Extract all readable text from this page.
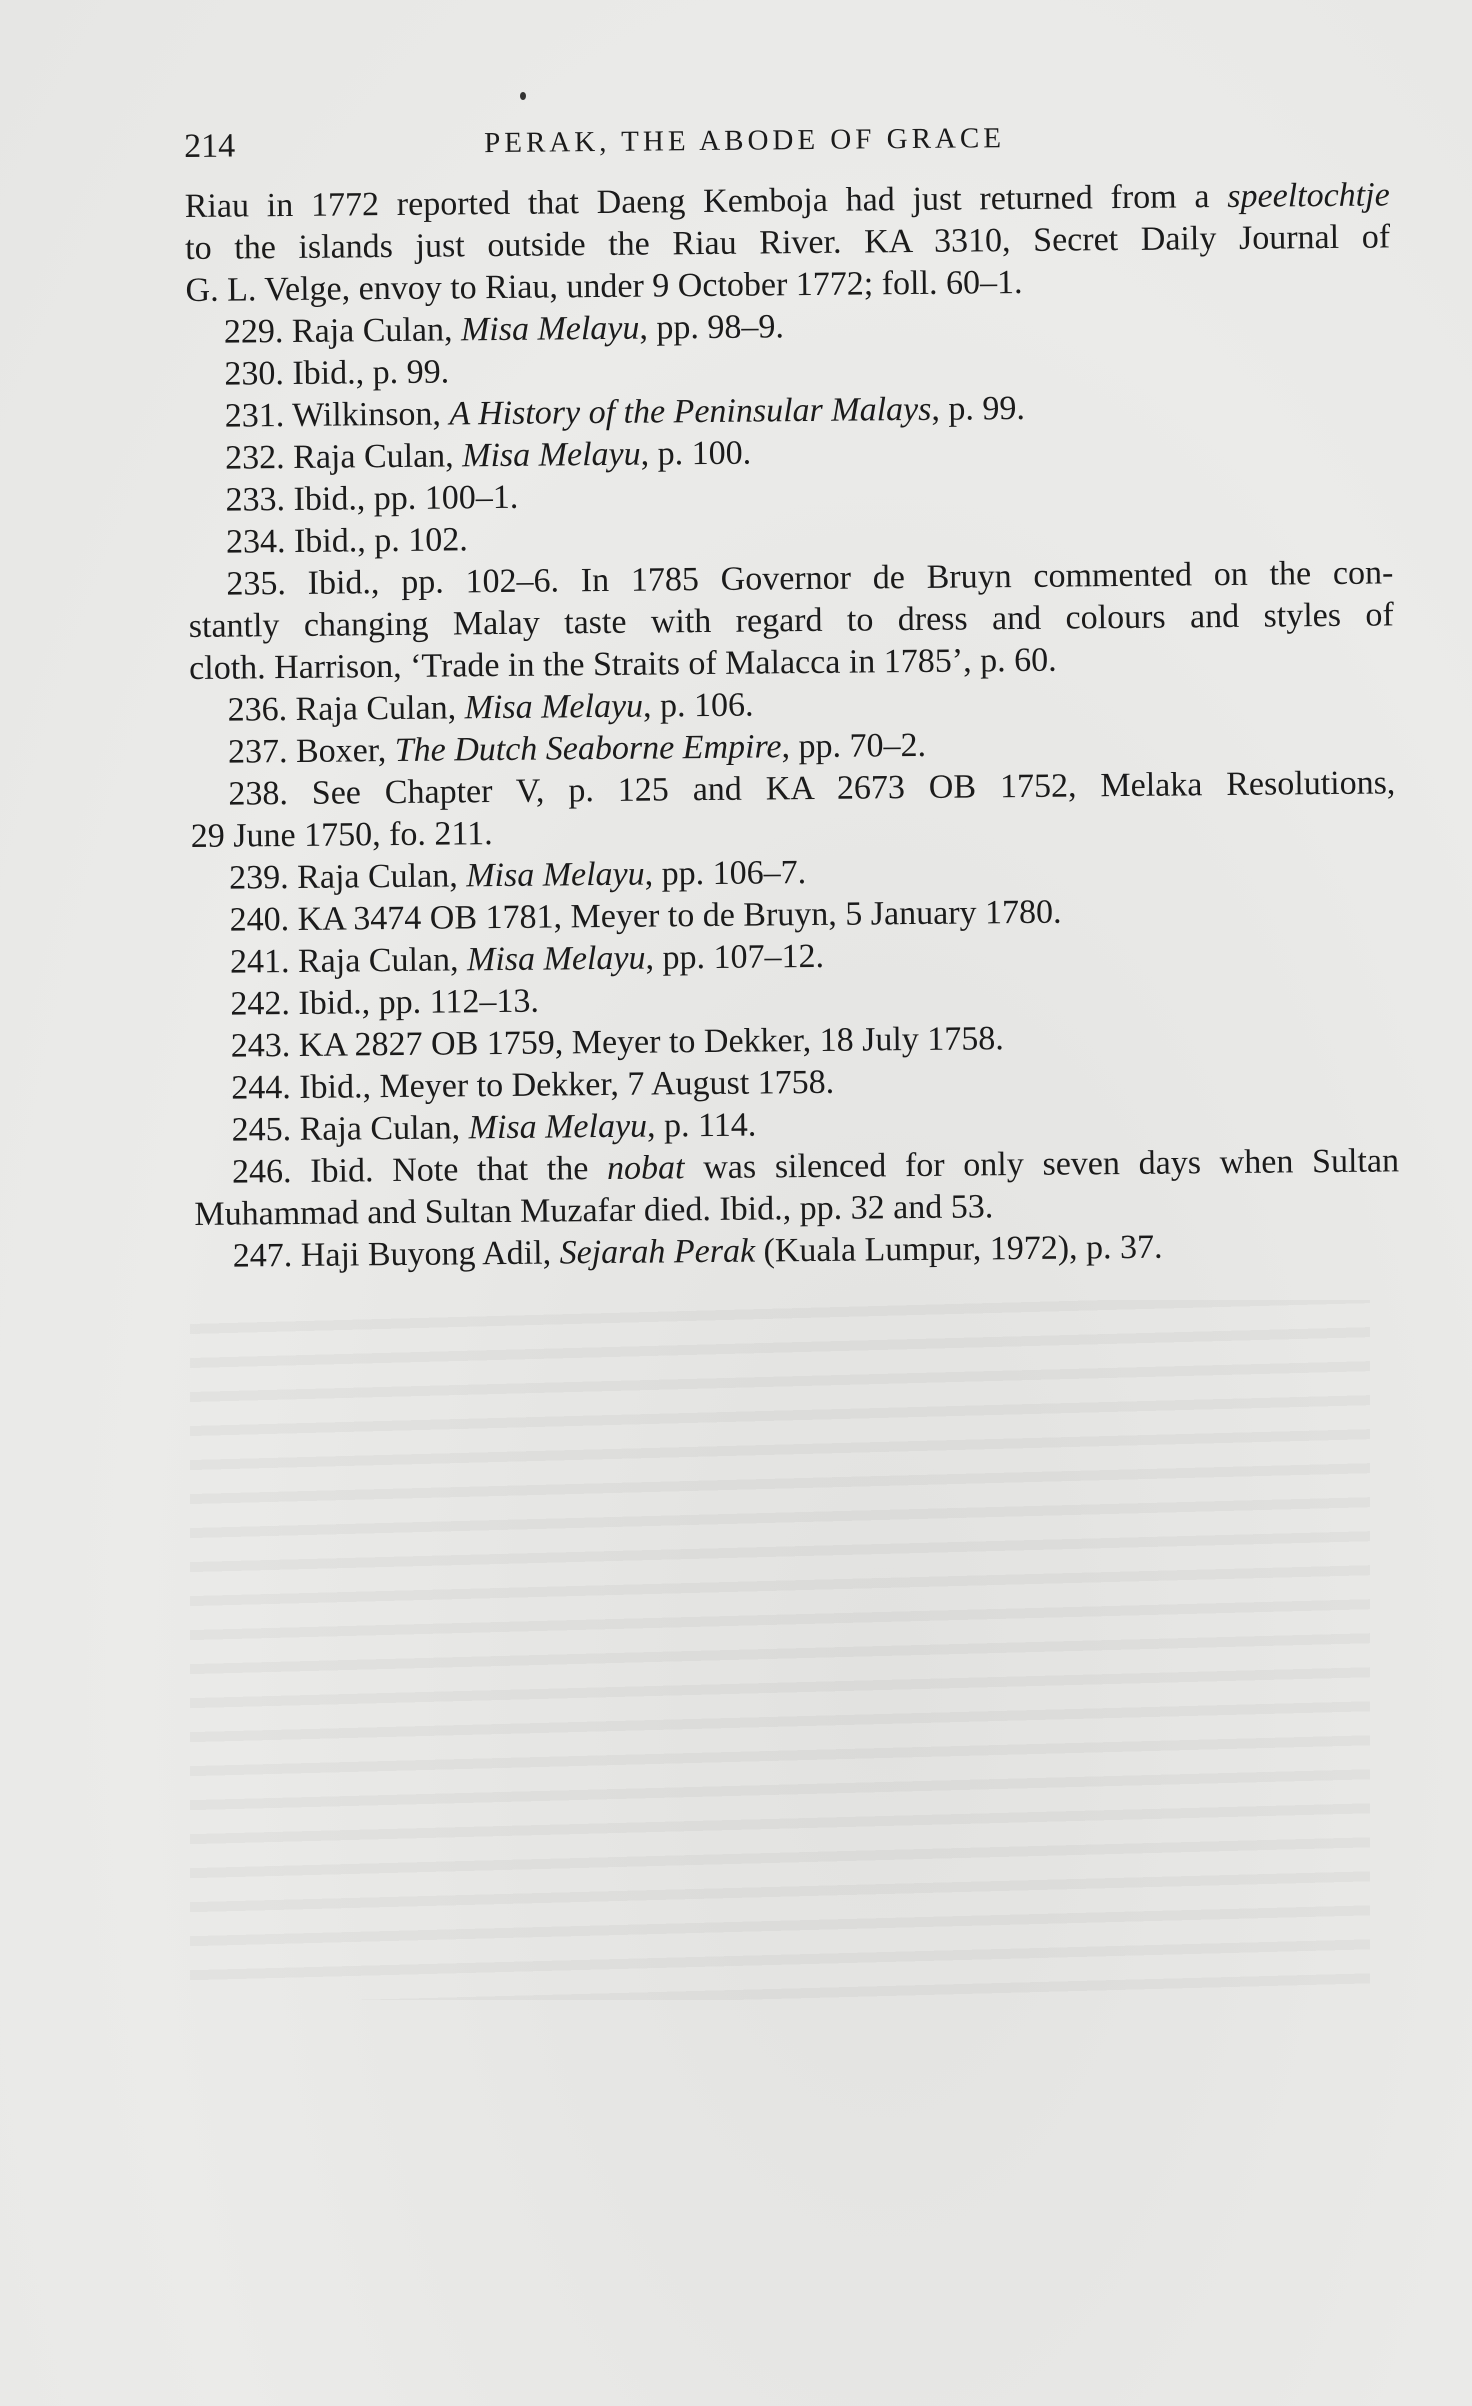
214	PERAK, THE ABODE OF GRACE
Riau in 1772 reported that Daeng Kemboja had just returned from a speeltochtje
to the islands just outside the Riau River. KA 3310, Secret Daily Journal of
G. L. Velge, envoy to Riau, under 9 October 1772; foll. 60–1.
229. Raja Culan, Misa Melayu, pp. 98–9.
230. Ibid., p. 99.
231. Wilkinson, A History of the Peninsular Malays, p. 99.
232. Raja Culan, Misa Melayu, p. 100.
233. Ibid., pp. 100–1.
234. Ibid., p. 102.
235. Ibid., pp. 102–6. In 1785 Governor de Bruyn commented on the con-
stantly changing Malay taste with regard to dress and colours and styles of
cloth. Harrison, ‘Trade in the Straits of Malacca in 1785’, p. 60.
236. Raja Culan, Misa Melayu, p. 106.
237. Boxer, The Dutch Seaborne Empire, pp. 70–2.
238. See Chapter V, p. 125 and KA 2673 OB 1752, Melaka Resolutions,
29 June 1750, fo. 211.
239. Raja Culan, Misa Melayu, pp. 106–7.
240. KA 3474 OB 1781, Meyer to de Bruyn, 5 January 1780.
241. Raja Culan, Misa Melayu, pp. 107–12.
242. Ibid., pp. 112–13.
243. KA 2827 OB 1759, Meyer to Dekker, 18 July 1758.
244. Ibid., Meyer to Dekker, 7 August 1758.
245. Raja Culan, Misa Melayu, p. 114.
246. Ibid. Note that the nobat was silenced for only seven days when Sultan
Muhammad and Sultan Muzafar died. Ibid., pp. 32 and 53.
247. Haji Buyong Adil, Sejarah Perak (Kuala Lumpur, 1972), p. 37.
